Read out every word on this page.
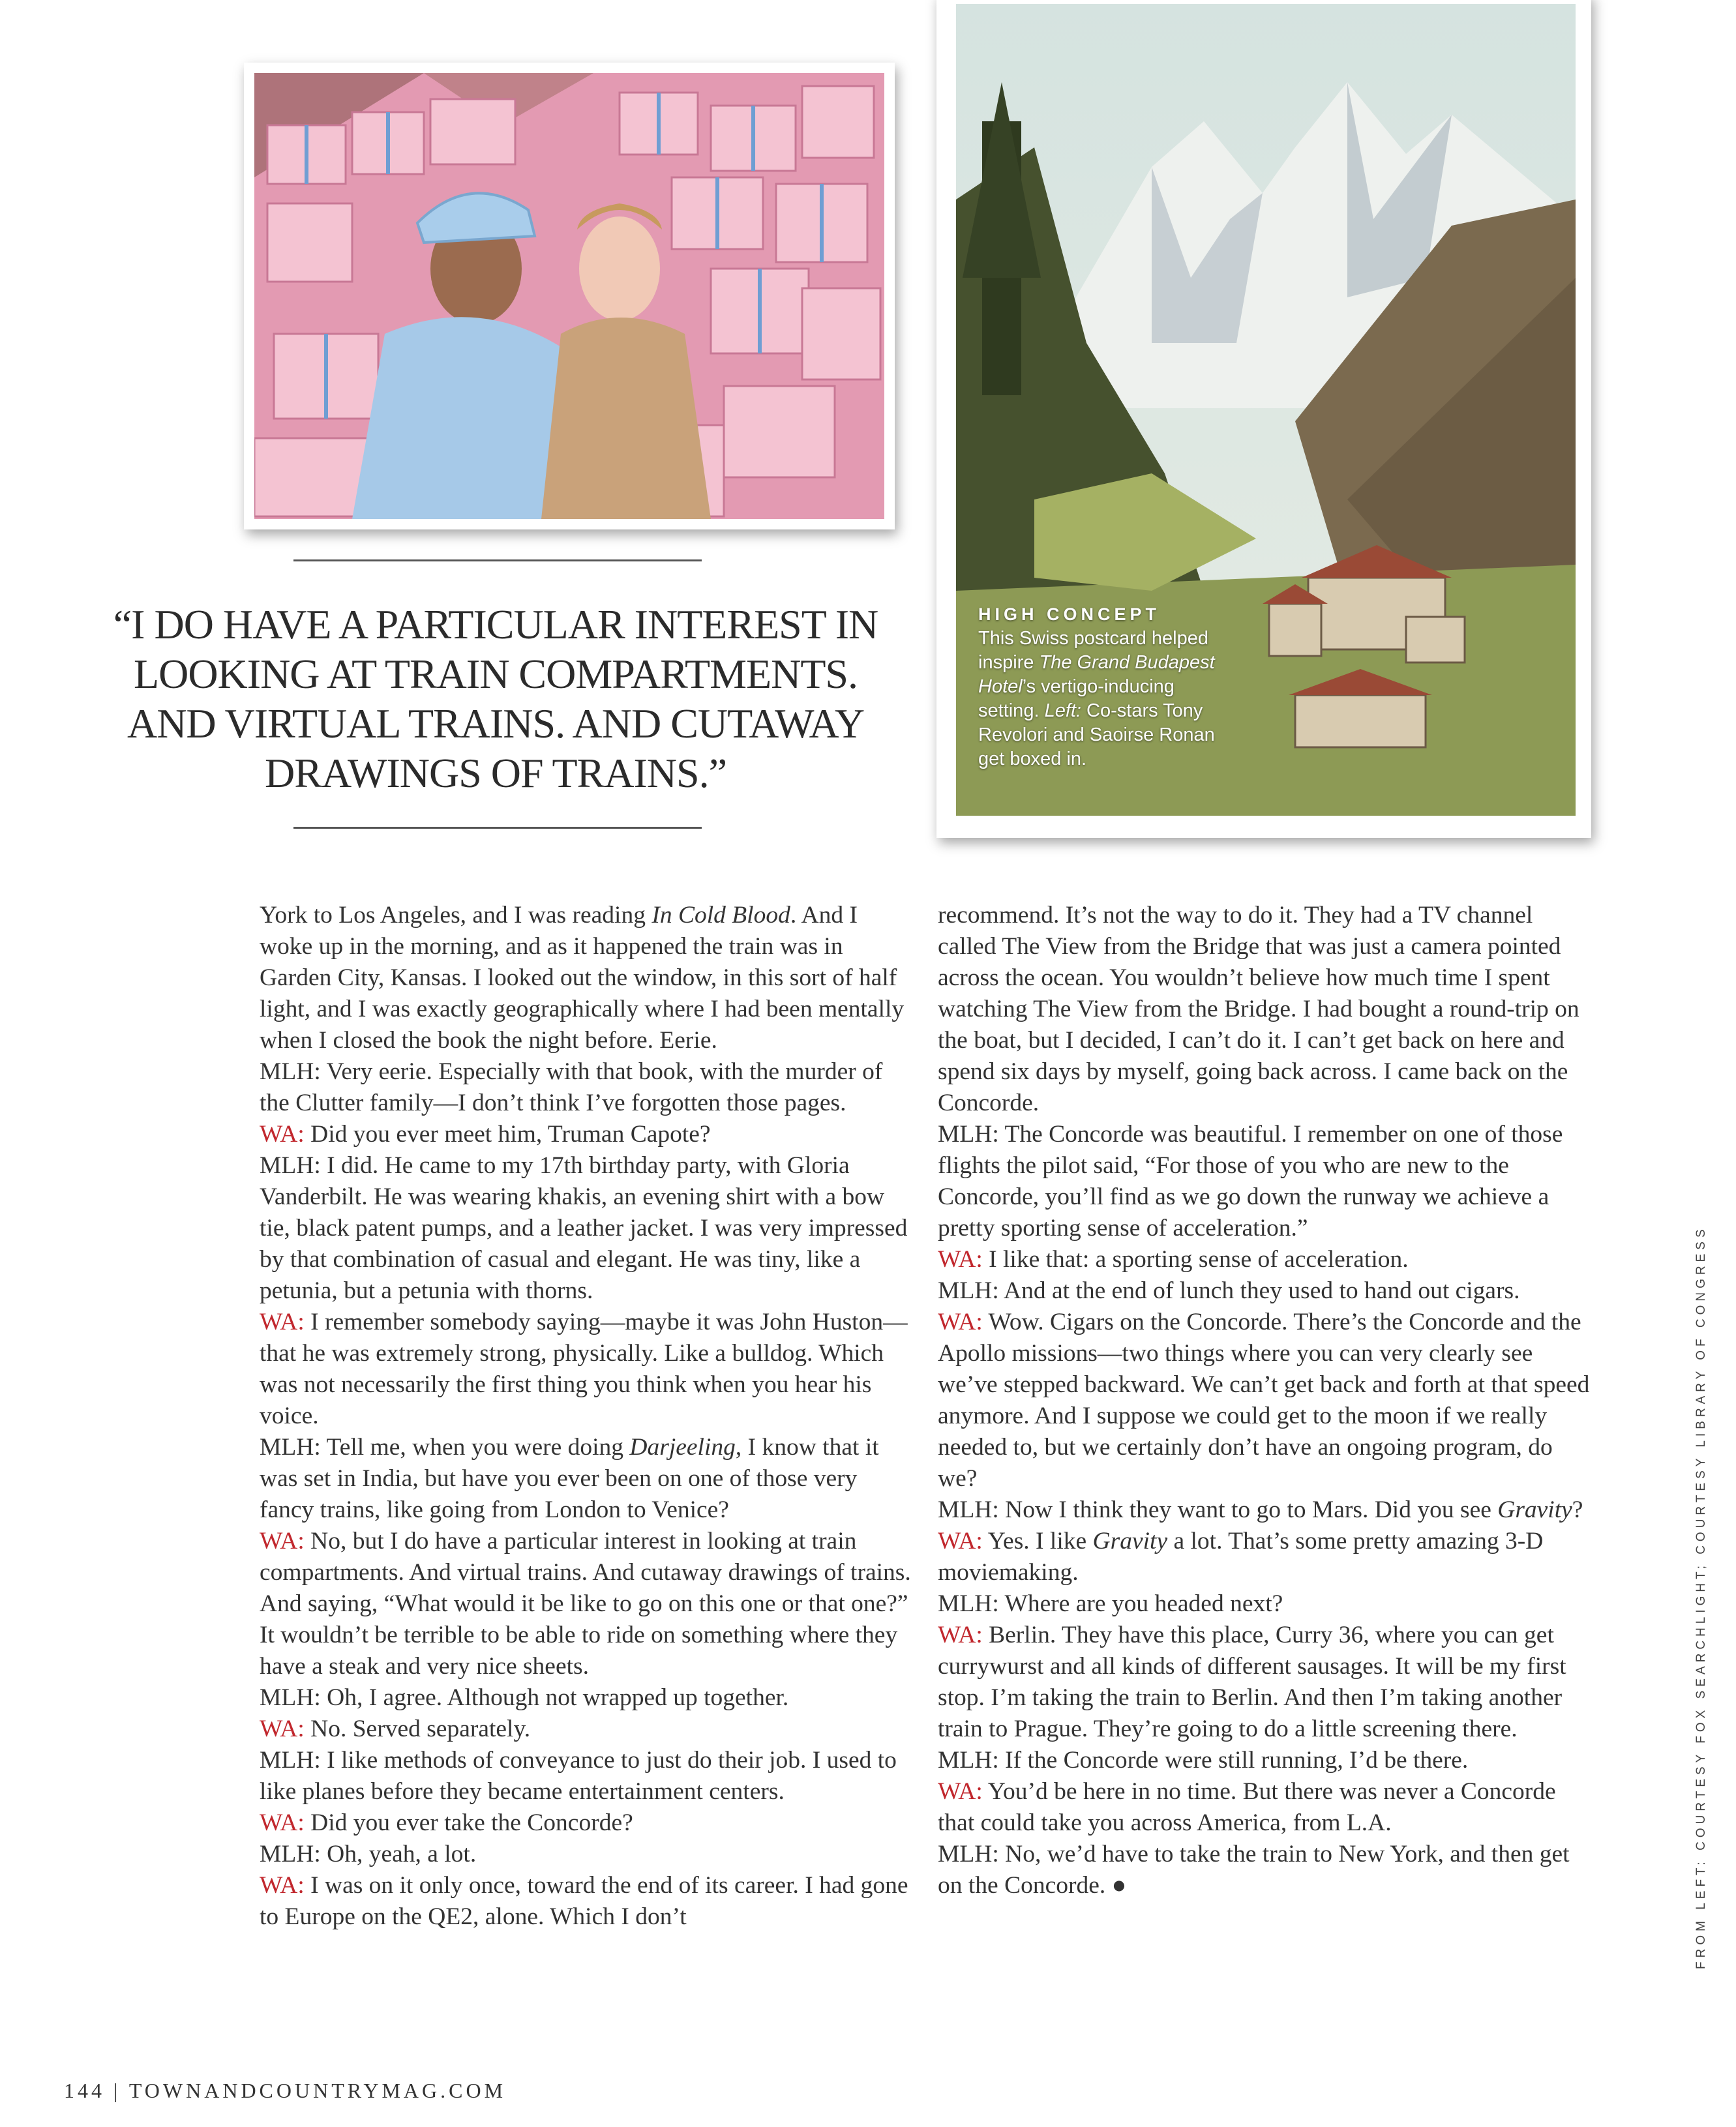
“I DO HAVE A PARTICULAR INTEREST IN LOOKING AT TRAIN COMPARTMENTS. AND VIRTUAL TRAINS. AND CUTAWAY DRAWINGS OF TRAINS.”
HIGH CONCEPT
This Swiss postcard helped inspire The Grand Budapest Hotel’s vertigo-inducing setting. Left: Co-stars Tony Revolori and Saoirse Ronan get boxed in.

York to Los Angeles, and I was reading In Cold Blood. And I woke up in the morning, and as it happened the train was in Garden City, Kansas. I looked out the window, in this sort of half light, and I was exactly geographically where I had been mentally when I closed the book the night before. Eerie.

MLH: Very eerie. Especially with that book, with the murder of the Clutter family—I don’t think I’ve forgotten those pages.

WA: Did you ever meet him, Truman Capote?

MLH: I did. He came to my 17th birthday party, with Gloria Vanderbilt. He was wearing khakis, an evening shirt with a bow tie, black patent pumps, and a leather jacket. I was very impressed by that combination of casual and elegant. He was tiny, like a petunia, but a petunia with thorns.

WA: I remember somebody saying—maybe it was John Huston—that he was extremely strong, physically. Like a bulldog. Which was not necessarily the first thing you think when you hear his voice.

MLH: Tell me, when you were doing Darjeeling, I know that it was set in India, but have you ever been on one of those very fancy trains, like going from London to Venice?

WA: No, but I do have a particular interest in looking at train compartments. And virtual trains. And cutaway drawings of trains. And saying, “What would it be like to go on this one or that one?” It wouldn’t be terrible to be able to ride on something where they have a steak and very nice sheets.

MLH: Oh, I agree. Although not wrapped up together.

WA: No. Served separately.

MLH: I like methods of conveyance to just do their job. I used to like planes before they became entertainment centers.

WA: Did you ever take the Concorde?

MLH: Oh, yeah, a lot.

WA: I was on it only once, toward the end of its career. I had gone to Europe on the QE2, alone. Which I don’t

recommend. It’s not the way to do it. They had a TV channel called The View from the Bridge that was just a camera pointed across the ocean. You wouldn’t believe how much time I spent watching The View from the Bridge. I had bought a round-trip on the boat, but I decided, I can’t do it. I can’t get back on here and spend six days by myself, going back across. I came back on the Concorde.

MLH: The Concorde was beautiful. I remember on one of those flights the pilot said, “For those of you who are new to the Concorde, you’ll find as we go down the runway we achieve a pretty sporting sense of acceleration.”

WA: I like that: a sporting sense of acceleration.

MLH: And at the end of lunch they used to hand out cigars.

WA: Wow. Cigars on the Concorde. There’s the Concorde and the Apollo missions—two things where you can very clearly see we’ve stepped backward. We can’t get back and forth at that speed anymore. And I suppose we could get to the moon if we really needed to, but we certainly don’t have an ongoing program, do we?

MLH: Now I think they want to go to Mars. Did you see Gravity?

WA: Yes. I like Gravity a lot. That’s some pretty amazing 3-D moviemaking.

MLH: Where are you headed next?

WA: Berlin. They have this place, Curry 36, where you can get currywurst and all kinds of different sausages. It will be my first stop. I’m taking the train to Berlin. And then I’m taking another train to Prague. They’re going to do a little screening there.

MLH: If the Concorde were still running, I’d be there.

WA: You’d be here in no time. But there was never a Concorde that could take you across America, from L.A.

MLH: No, we’d have to take the train to New York, and then get on the Concorde. ●	FROM LEFT: COURTESY FOX SEARCHLIGHT; COURTESY LIBRARY OF CONGRESS
144 | TOWNANDCOUNTRYMAG.COM
